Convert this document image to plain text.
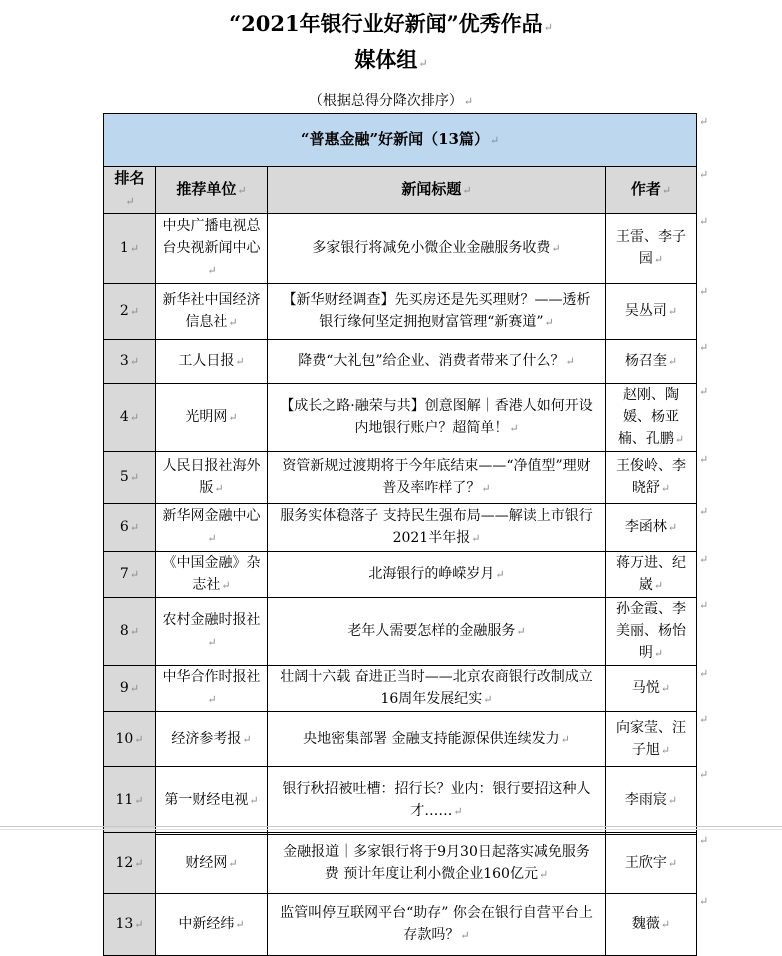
“2021年银行业好新闻”优秀作品↵
媒体组↵
（根据总得分降次排序）↵
“普惠金融”好新闻（13篇）↵			
排名↵	推荐单位↵	新闻标题↵	作者↵
1↵	中央广播电视总台央视新闻中心↵	多家银行将减免小微企业金融服务收费↵	王雷、李子园↵
2↵	新华社中国经济信息社↵	【新华财经调查】先买房还是先买理财？——透析银行缘何坚定拥抱财富管理“新赛道”↵	吴丛司↵
3↵	工人日报↵	降费“大礼包”给企业、消费者带来了什么？↵	杨召奎↵
4↵	光明网↵	【成长之路·融荣与共】创意图解｜香港人如何开设内地银行账户？超简单！↵	赵刚、陶媛、杨亚楠、孔鹏↵
5↵	人民日报社海外版↵	资管新规过渡期将于今年底结束——“净值型”理财普及率咋样了？↵	王俊岭、李晓舒↵
6↵	新华网金融中心↵	服务实体稳落子 支持民生强布局——解读上市银行2021半年报↵	李函林↵
7↵	《中国金融》杂志社↵	北海银行的峥嵘岁月↵	蒋万进、纪崴↵
8↵	农村金融时报社↵	老年人需要怎样的金融服务↵	孙金霞、李美丽、杨怡明↵
9↵	中华合作时报社↵	壮阔十六载 奋进正当时——北京农商银行改制成立16周年发展纪实↵	马悦↵
10↵	经济参考报↵	央地密集部署 金融支持能源保供连续发力↵	向家莹、汪子旭↵
11↵	第一财经电视↵	银行秋招被吐槽：招行长？业内：银行要招这种人才……↵	李雨宸↵
12↵	财经网↵	金融报道｜多家银行将于9月30日起落实减免服务费 预计年度让利小微企业160亿元↵	王欣宇↵
13↵	中新经纬↵	监管叫停互联网平台“助存” 你会在银行自营平台上存款吗？↵	魏薇↵
↵
↵
↵
↵
↵
↵
↵
↵
↵
↵
↵
↵
↵
↵
↵
